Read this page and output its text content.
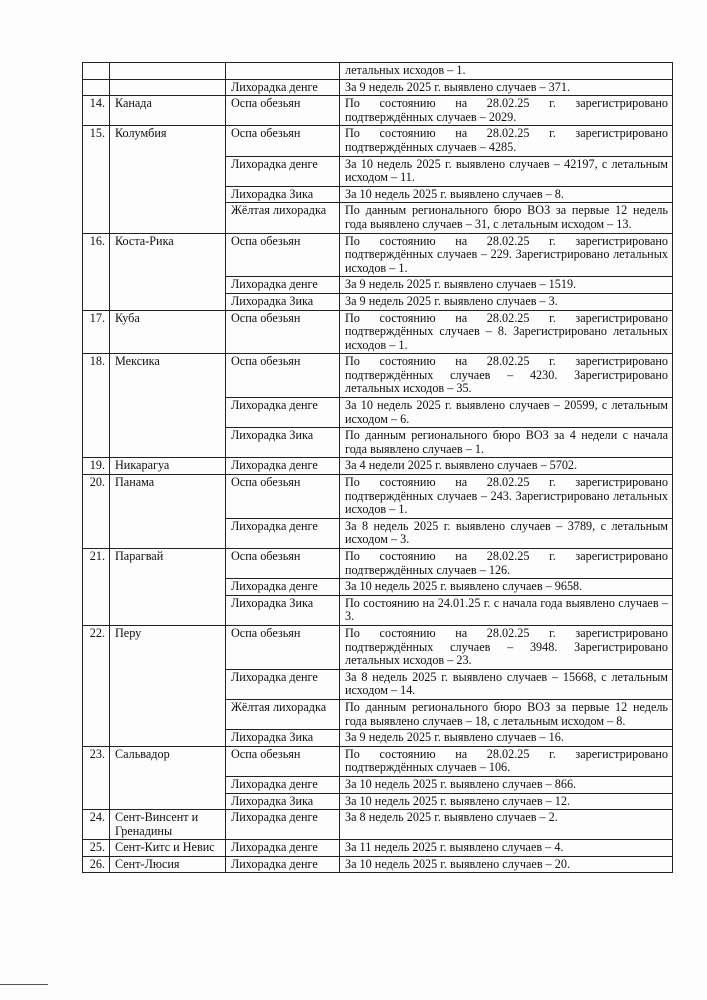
			летальных исходов – 1.
		Лихорадка денге	За 9 недель 2025 г. выявлено случаев – 371.
14.	Канада	Оспа обезьян	По состоянию на 28.02.25 г. зарегистрировано подтверждённых случаев – 2029.
15.	Колумбия	Оспа обезьян	По состоянию на 28.02.25 г. зарегистрировано подтверждённых случаев – 4285.
		Лихорадка денге	За 10 недель 2025 г. выявлено случаев – 42197, с летальным исходом – 11.
		Лихорадка Зика	За 10 недель 2025 г. выявлено случаев – 8.
		Жёлтая лихорадка	По данным регионального бюро ВОЗ за первые 12 недель года выявлено случаев – 31, с летальным исходом – 13.
16.	Коста-Рика	Оспа обезьян	По состоянию на 28.02.25 г. зарегистрировано подтверждённых случаев – 229. Зарегистрировано летальных исходов – 1.
		Лихорадка денге	За 9 недель 2025 г. выявлено случаев – 1519.
		Лихорадка Зика	За 9 недель 2025 г. выявлено случаев – 3.
17.	Куба	Оспа обезьян	По состоянию на 28.02.25 г. зарегистрировано подтверждённых случаев – 8. Зарегистрировано летальных исходов – 1.
18.	Мексика	Оспа обезьян	По состоянию на 28.02.25 г. зарегистрировано подтверждённых случаев – 4230. Зарегистрировано летальных исходов – 35.
		Лихорадка денге	За 10 недель 2025 г. выявлено случаев – 20599, с летальным исходом – 6.
		Лихорадка Зика	По данным регионального бюро ВОЗ за 4 недели с начала года выявлено случаев – 1.
19.	Никарагуа	Лихорадка денге	За 4 недели 2025 г. выявлено случаев – 5702.
20.	Панама	Оспа обезьян	По состоянию на 28.02.25 г. зарегистрировано подтверждённых случаев – 243. Зарегистрировано летальных исходов – 1.
		Лихорадка денге	За 8 недель 2025 г. выявлено случаев – 3789, с летальным исходом – 3.
21.	Парагвай	Оспа обезьян	По состоянию на 28.02.25 г. зарегистрировано подтверждённых случаев – 126.
		Лихорадка денге	За 10 недель 2025 г. выявлено случаев – 9658.
		Лихорадка Зика	По состоянию на 24.01.25 г. с начала года выявлено случаев – 3.
22.	Перу	Оспа обезьян	По состоянию на 28.02.25 г. зарегистрировано подтверждённых случаев – 3948. Зарегистрировано летальных исходов – 23.
		Лихорадка денге	За 8 недель 2025 г. выявлено случаев – 15668, с летальным исходом – 14.
		Жёлтая лихорадка	По данным регионального бюро ВОЗ за первые 12 недель года выявлено случаев – 18, с летальным исходом – 8.
		Лихорадка Зика	За 9 недель 2025 г. выявлено случаев – 16.
23.	Сальвадор	Оспа обезьян	По состоянию на 28.02.25 г. зарегистрировано подтверждённых случаев – 106.
		Лихорадка денге	За 10 недель 2025 г. выявлено случаев – 866.
		Лихорадка Зика	За 10 недель 2025 г. выявлено случаев – 12.
24.	Сент-Винсент и Гренадины	Лихорадка денге	За 8 недель 2025 г. выявлено случаев – 2.
25.	Сент-Китс и Невис	Лихорадка денге	За 11 недель 2025 г. выявлено случаев – 4.
26.	Сент-Люсия	Лихорадка денге	За 10 недель 2025 г. выявлено случаев – 20.
